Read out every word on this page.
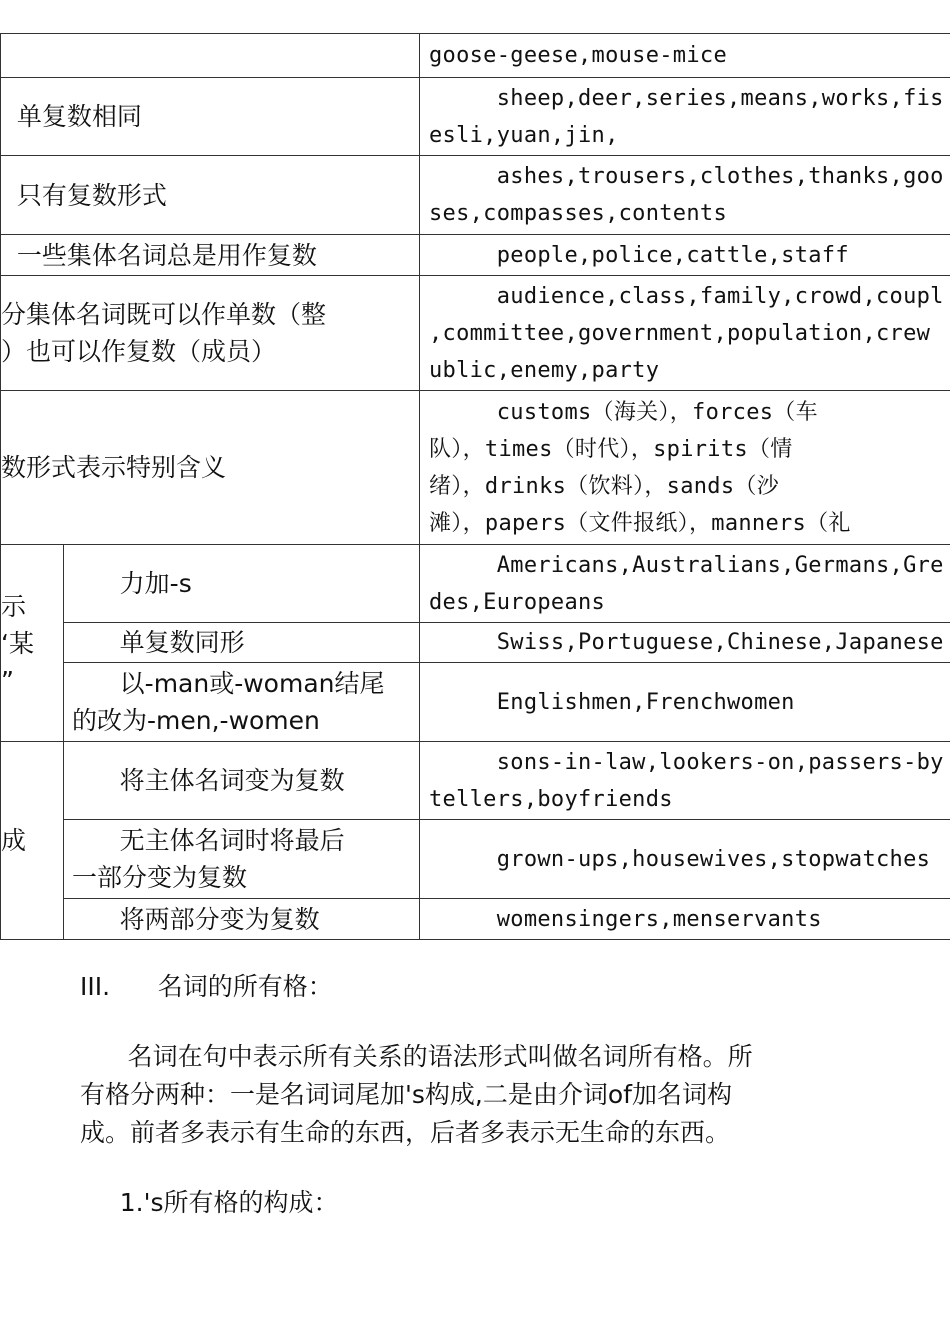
		goose-geese,mouse-mice

单复数相同		sheep,deer,series,means,works,fis
esli,yuan,jin,

只有复数形式		ashes,trousers,clothes,thanks,goo
ses,compasses,contents

一些集体名词总是用作复数		people,police,cattle,staff

分集体名词既可以作单数（整
）也可以作复数（成员）		audience,class,family,crowd,coupl
,committee,government,population,crew
ublic,enemy,party

数形式表示特别含义		customs（海关），forces（车
队），times（时代），spirits（情
绪），drinks（饮料），sands（沙
滩），papers（文件报纸），manners（礼

示
‘某
”	力加-s	Americans,Australians,Germans,Gre
des,Europeans

	单复数同形	Swiss,Portuguese,Chinese,Japanese

	以-man或-woman结尾
的改为-men,-women	Englishmen,Frenchwomen

成	将主体名词变为复数	sons-in-law,lookers-on,passers-by
tellers,boyfriends

	无主体名词时将最后
一部分变为复数	grown-ups,housewives,stopwatches

	将两部分变为复数	womensingers,menservants
III.      名词的所有格：
名词在句中表示所有关系的语法形式叫做名词所有格。所
有格分两种：一是名词词尾加's构成,二是由介词of加名词构
成。前者多表示有生命的东西，后者多表示无生命的东西。
1.'s所有格的构成：
